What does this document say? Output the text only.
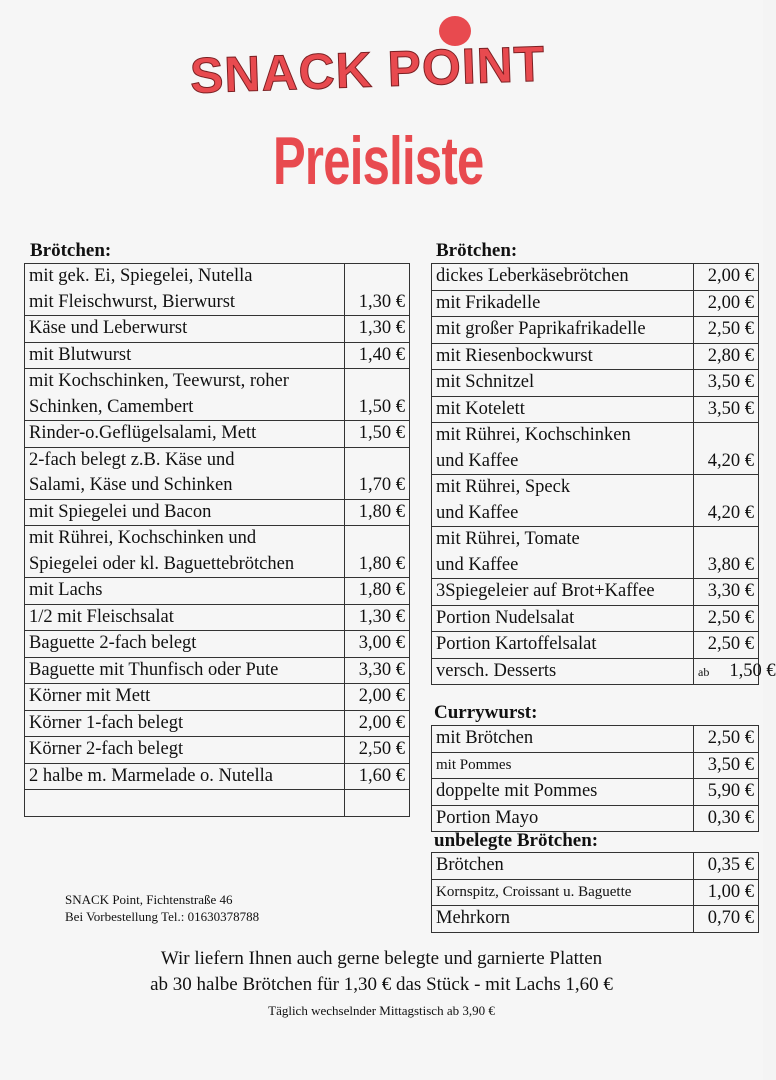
SNACK POINT
Preisliste
Brötchen:
mit gek. Ei, Spiegelei, Nutella
mit Fleischwurst, Bierwurst	1,30 €

Käse und Leberwurst	1,30 €

mit Blutwurst	1,40 €

mit Kochschinken, Teewurst, roher
Schinken, Camembert	1,50 €

Rinder-o.Geflügelsalami, Mett	1,50 €

2-fach belegt z.B. Käse und
Salami, Käse und Schinken	1,70 €

mit Spiegelei und Bacon	1,80 €

mit Rührei, Kochschinken und
Spiegelei oder kl. Baguettebrötchen	1,80 €

mit Lachs	1,80 €

1/2 mit Fleischsalat	1,30 €

Baguette 2-fach belegt	3,00 €

Baguette mit Thunfisch oder Pute	3,30 €

Körner mit Mett	2,00 €

Körner 1-fach belegt	2,00 €

Körner 2-fach belegt	2,50 €

2 halbe m. Marmelade o. Nutella	1,60 €

Brötchen:
dickes Leberkäsebrötchen	2,00 €

mit Frikadelle	2,00 €

mit großer Paprikafrikadelle	2,50 €

mit Riesenbockwurst	2,80 €

mit Schnitzel	3,50 €

mit Kotelett	3,50 €

mit Rührei, Kochschinken
und Kaffee	4,20 €

mit Rührei, Speck
und Kaffee	4,20 €

mit Rührei, Tomate
und Kaffee	3,80 €

3Spiegeleier auf Brot+Kaffee	3,30 €

Portion Nudelsalat	2,50 €

Portion Kartoffelsalat	2,50 €

versch. Desserts	ab 1,50 €
Currywurst:
mit Brötchen	2,50 €

mit Pommes	3,50 €

doppelte mit Pommes	5,90 €

Portion Mayo	0,30 €
unbelegte Brötchen:
Brötchen	0,35 €

Kornspitz, Croissant u. Baguette	1,00 €

Mehrkorn	0,70 €
SNACK Point, Fichtenstraße 46
Bei Vorbestellung Tel.: 01630378788
Wir liefern Ihnen auch gerne belegte und garnierte Platten
ab 30 halbe Brötchen für 1,30 € das Stück - mit Lachs 1,60 €
Täglich wechselnder Mittagstisch ab 3,90 €
